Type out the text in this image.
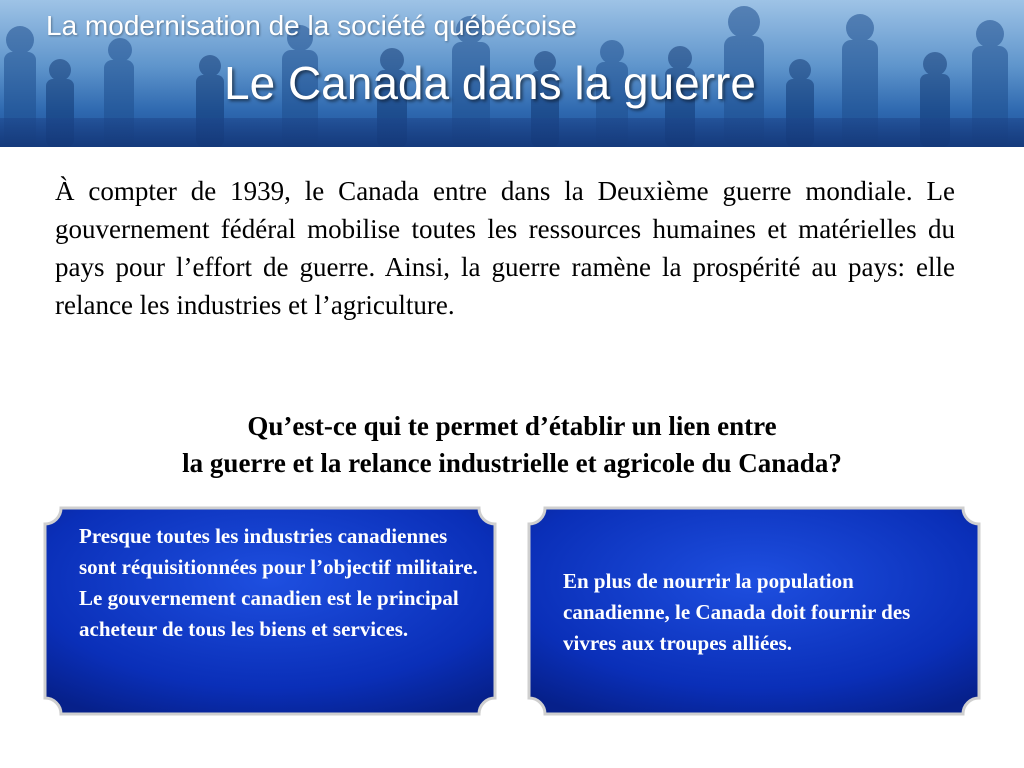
La modernisation de la société québécoise
Le Canada dans la guerre

À compter de 1939, le Canada entre dans la Deuxième guerre mondiale. Le gouvernement fédéral mobilise toutes les ressources humaines et matérielles du pays pour l’effort de guerre. Ainsi, la guerre ramène la prospérité au pays: elle relance les industries et l’agriculture.

Qu’est-ce qui te permet d’établir un lien entre
la guerre et la relance industrielle et agricole du Canada?
Presque toutes les industries canadiennes sont réquisitionnées pour l’objectif militaire.
Le gouvernement canadien est le principal acheteur de tous les biens et services.
En plus de nourrir la population canadienne, le Canada doit fournir des vivres aux troupes alliées.
